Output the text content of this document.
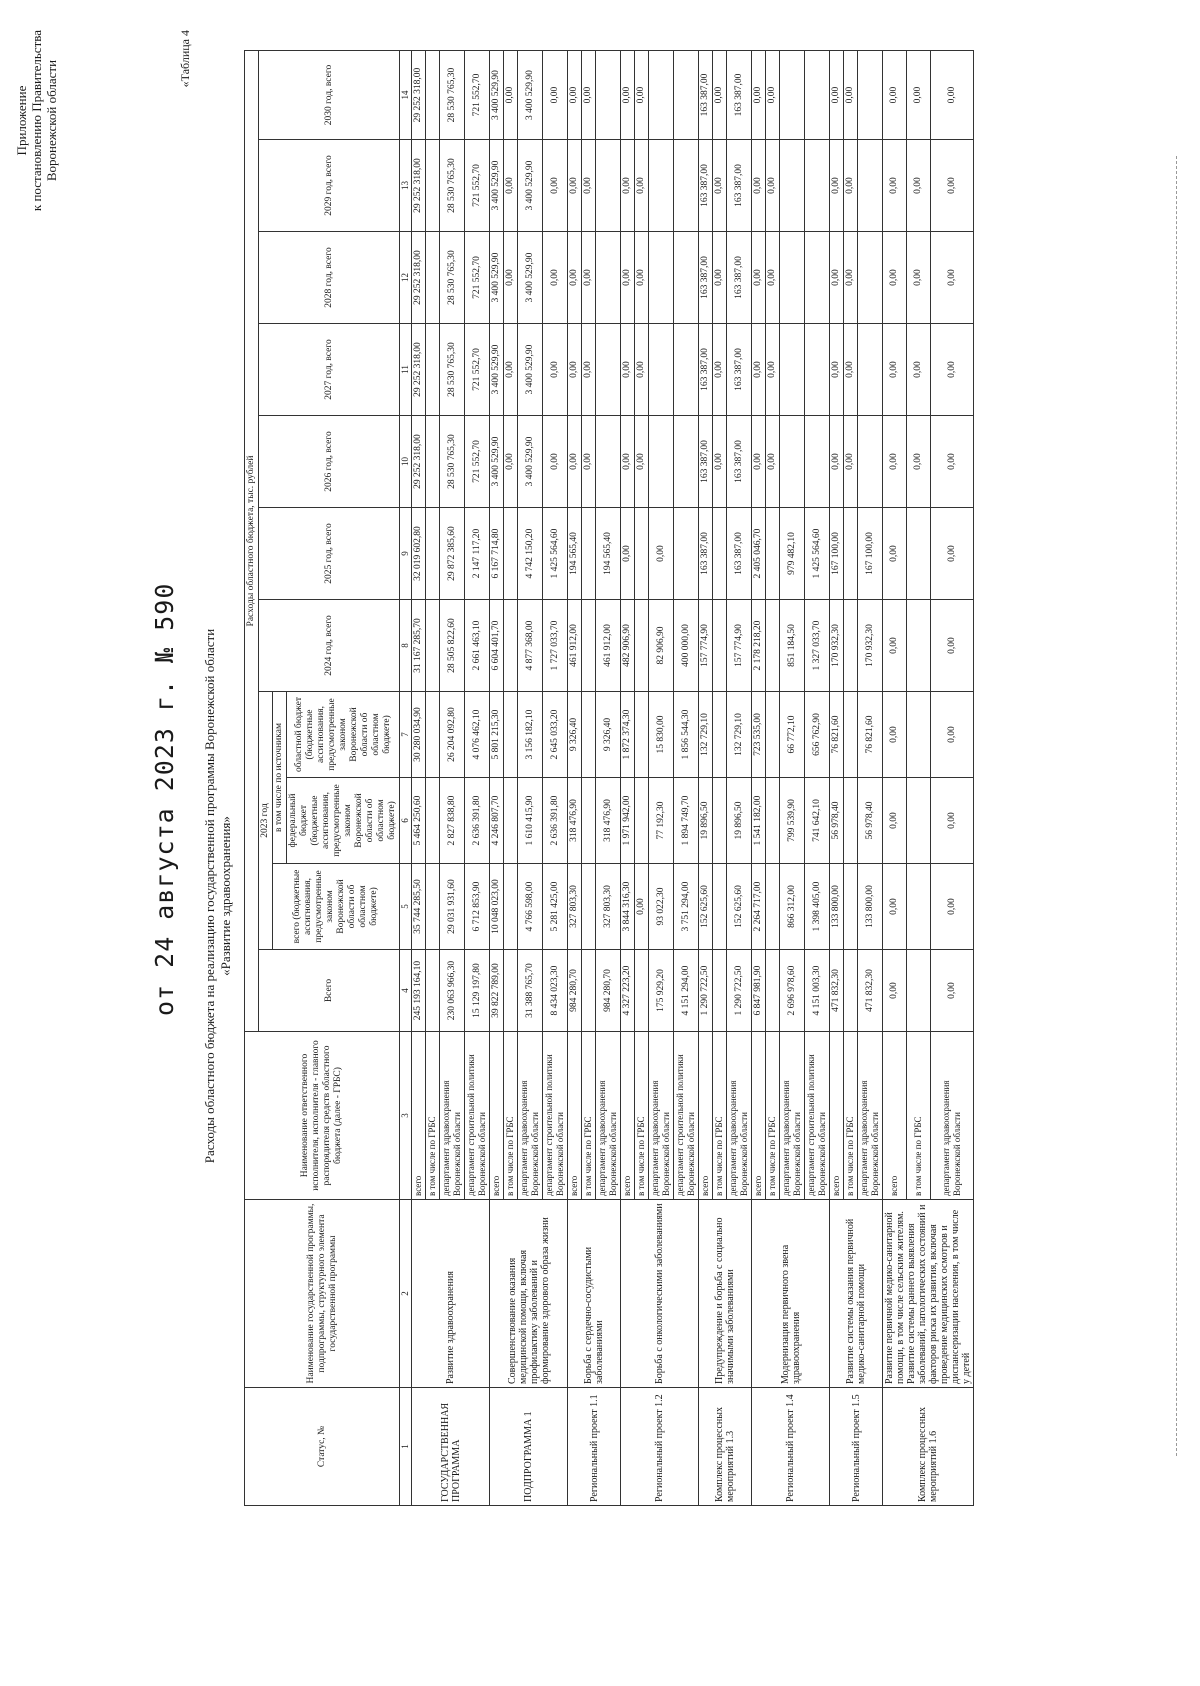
Приложение к постановлению Правительства Воронежской области
от 24 августа 2023 г. № 590
«Таблица 4
Расходы областного бюджета на реализацию государственной программы Воронежской области «Развитие здравоохранения»
Статус, №	Наименование государственной программы, подпрограммы, структурного элемента государственной программы	Наименование ответственного исполнителя, исполнителя - главного распорядителя средств областного бюджета (далее - ГРБС)	Расходы областного бюджета, тыс. рублей										
			Всего	2023 год			2024 год, всего	2025 год, всего	2026 год, всего	2027 год, всего	2028 год, всего	2029 год, всего	2030 год, всего
				всего (бюджетные ассигнования, предусмотренные законом Воронежской области об областном бюджете)	в том числе по источникам								
					федеральный бюджет (бюджетные ассигнования, предусмотренные законом Воронежской области об областном бюджете)	областной бюджет (бюджетные ассигнования, предусмотренные законом Воронежской области об областном бюджете)							
1	2	3	4	5	6	7	8	9	10	11	12	13	14
ГОСУДАРСТВЕННАЯ ПРОГРАММА	Развитие здравоохранения	всего	245 193 164,10	35 744 285,50	5 464 250,60	30 280 034,90	31 167 285,70	32 019 602,80	29 252 318,00	29 252 318,00	29 252 318,00	29 252 318,00	29 252 318,00
		в том числе по ГРБС											
		департамент здравоохранения Воронежской области	230 063 966,30	29 031 931,60	2 827 838,80	26 204 092,80	28 505 822,60	29 872 385,60	28 530 765,30	28 530 765,30	28 530 765,30	28 530 765,30	28 530 765,30
		департамент строительной политики Воронежской области	15 129 197,80	6 712 853,90	2 636 391,80	4 076 462,10	2 661 463,10	2 147 117,20	721 552,70	721 552,70	721 552,70	721 552,70	721 552,70
ПОДПРОГРАММА 1	Совершенствование оказания медицинской помощи, включая профилактику заболеваний и формирование здорового образа жизни	всего	39 822 789,00	10 048 023,00	4 246 807,70	5 801 215,30	6 604 401,70	6 167 714,80	3 400 529,90	3 400 529,90	3 400 529,90	3 400 529,90	3 400 529,90
		в том числе по ГРБС							0,00	0,00	0,00	0,00	0,00
		департамент здравоохранения Воронежской области	31 388 765,70	4 766 598,00	1 610 415,90	3 156 182,10	4 877 368,00	4 742 150,20	3 400 529,90	3 400 529,90	3 400 529,90	3 400 529,90	3 400 529,90
		департамент строительной политики Воронежской области	8 434 023,30	5 281 425,00	2 636 391,80	2 645 033,20	1 727 033,70	1 425 564,60	0,00	0,00	0,00	0,00	0,00
Региональный проект 1.1	Борьба с сердечно-сосудистыми заболеваниями	всего	984 280,70	327 803,30	318 476,90	9 326,40	461 912,00	194 565,40	0,00	0,00	0,00	0,00	0,00
		в том числе по ГРБС							0,00	0,00	0,00	0,00	0,00
		департамент здравоохранения Воронежской области	984 280,70	327 803,30	318 476,90	9 326,40	461 912,00	194 565,40					
Региональный проект 1.2	Борьба с онкологическими заболеваниями	всего	4 327 223,20	3 844 316,30	1 971 942,00	1 872 374,30	482 906,90	0,00	0,00	0,00	0,00	0,00	0,00
		в том числе по ГРБС		0,00					0,00	0,00	0,00	0,00	0,00
		департамент здравоохранения Воронежской области	175 929,20	93 022,30	77 192,30	15 830,00	82 906,90	0,00					
		департамент строительной политики Воронежской области	4 151 294,00	3 751 294,00	1 894 749,70	1 856 544,30	400 000,00						
Комплекс процессных мероприятий 1.3	Предупреждение и борьба с социально значимыми заболеваниями	всего	1 290 722,50	152 625,60	19 896,50	132 729,10	157 774,90	163 387,00	163 387,00	163 387,00	163 387,00	163 387,00	163 387,00
		в том числе по ГРБС							0,00	0,00	0,00	0,00	0,00
		департамент здравоохранения Воронежской области	1 290 722,50	152 625,60	19 896,50	132 729,10	157 774,90	163 387,00	163 387,00	163 387,00	163 387,00	163 387,00	163 387,00
Региональный проект 1.4	Модернизация первичного звена здравоохранения	всего	6 847 981,90	2 264 717,00	1 541 182,00	723 535,00	2 178 218,20	2 405 046,70	0,00	0,00	0,00	0,00	0,00
		в том числе по ГРБС							0,00	0,00	0,00	0,00	0,00
		департамент здравоохранения Воронежской области	2 696 978,60	866 312,00	799 539,90	66 772,10	851 184,50	979 482,10					
		департамент строительной политики Воронежской области	4 151 003,30	1 398 405,00	741 642,10	656 762,90	1 327 033,70	1 425 564,60					
Региональный проект 1.5	Развитие системы оказания первичной медико-санитарной помощи	всего	471 832,30	133 800,00	56 978,40	76 821,60	170 932,30	167 100,00	0,00	0,00	0,00	0,00	0,00
		в том числе по ГРБС							0,00	0,00	0,00	0,00	0,00
		департамент здравоохранения Воронежской области	471 832,30	133 800,00	56 978,40	76 821,60	170 932,30	167 100,00					
Комплекс процессных мероприятий 1.6	Развитие первичной медико-санитарной помощи, в том числе сельским жителям. Развитие системы раннего выявления заболеваний, патологических состояний и факторов риска их развития, включая проведение медицинских осмотров и диспансеризации населения, в том числе у детей	всего	0,00	0,00	0,00	0,00	0,00	0,00	0,00	0,00	0,00	0,00	0,00
		в том числе по ГРБС							0,00	0,00	0,00	0,00	0,00
		департамент здравоохранения Воронежской области	0,00	0,00	0,00	0,00	0,00	0,00	0,00	0,00	0,00	0,00	0,00
